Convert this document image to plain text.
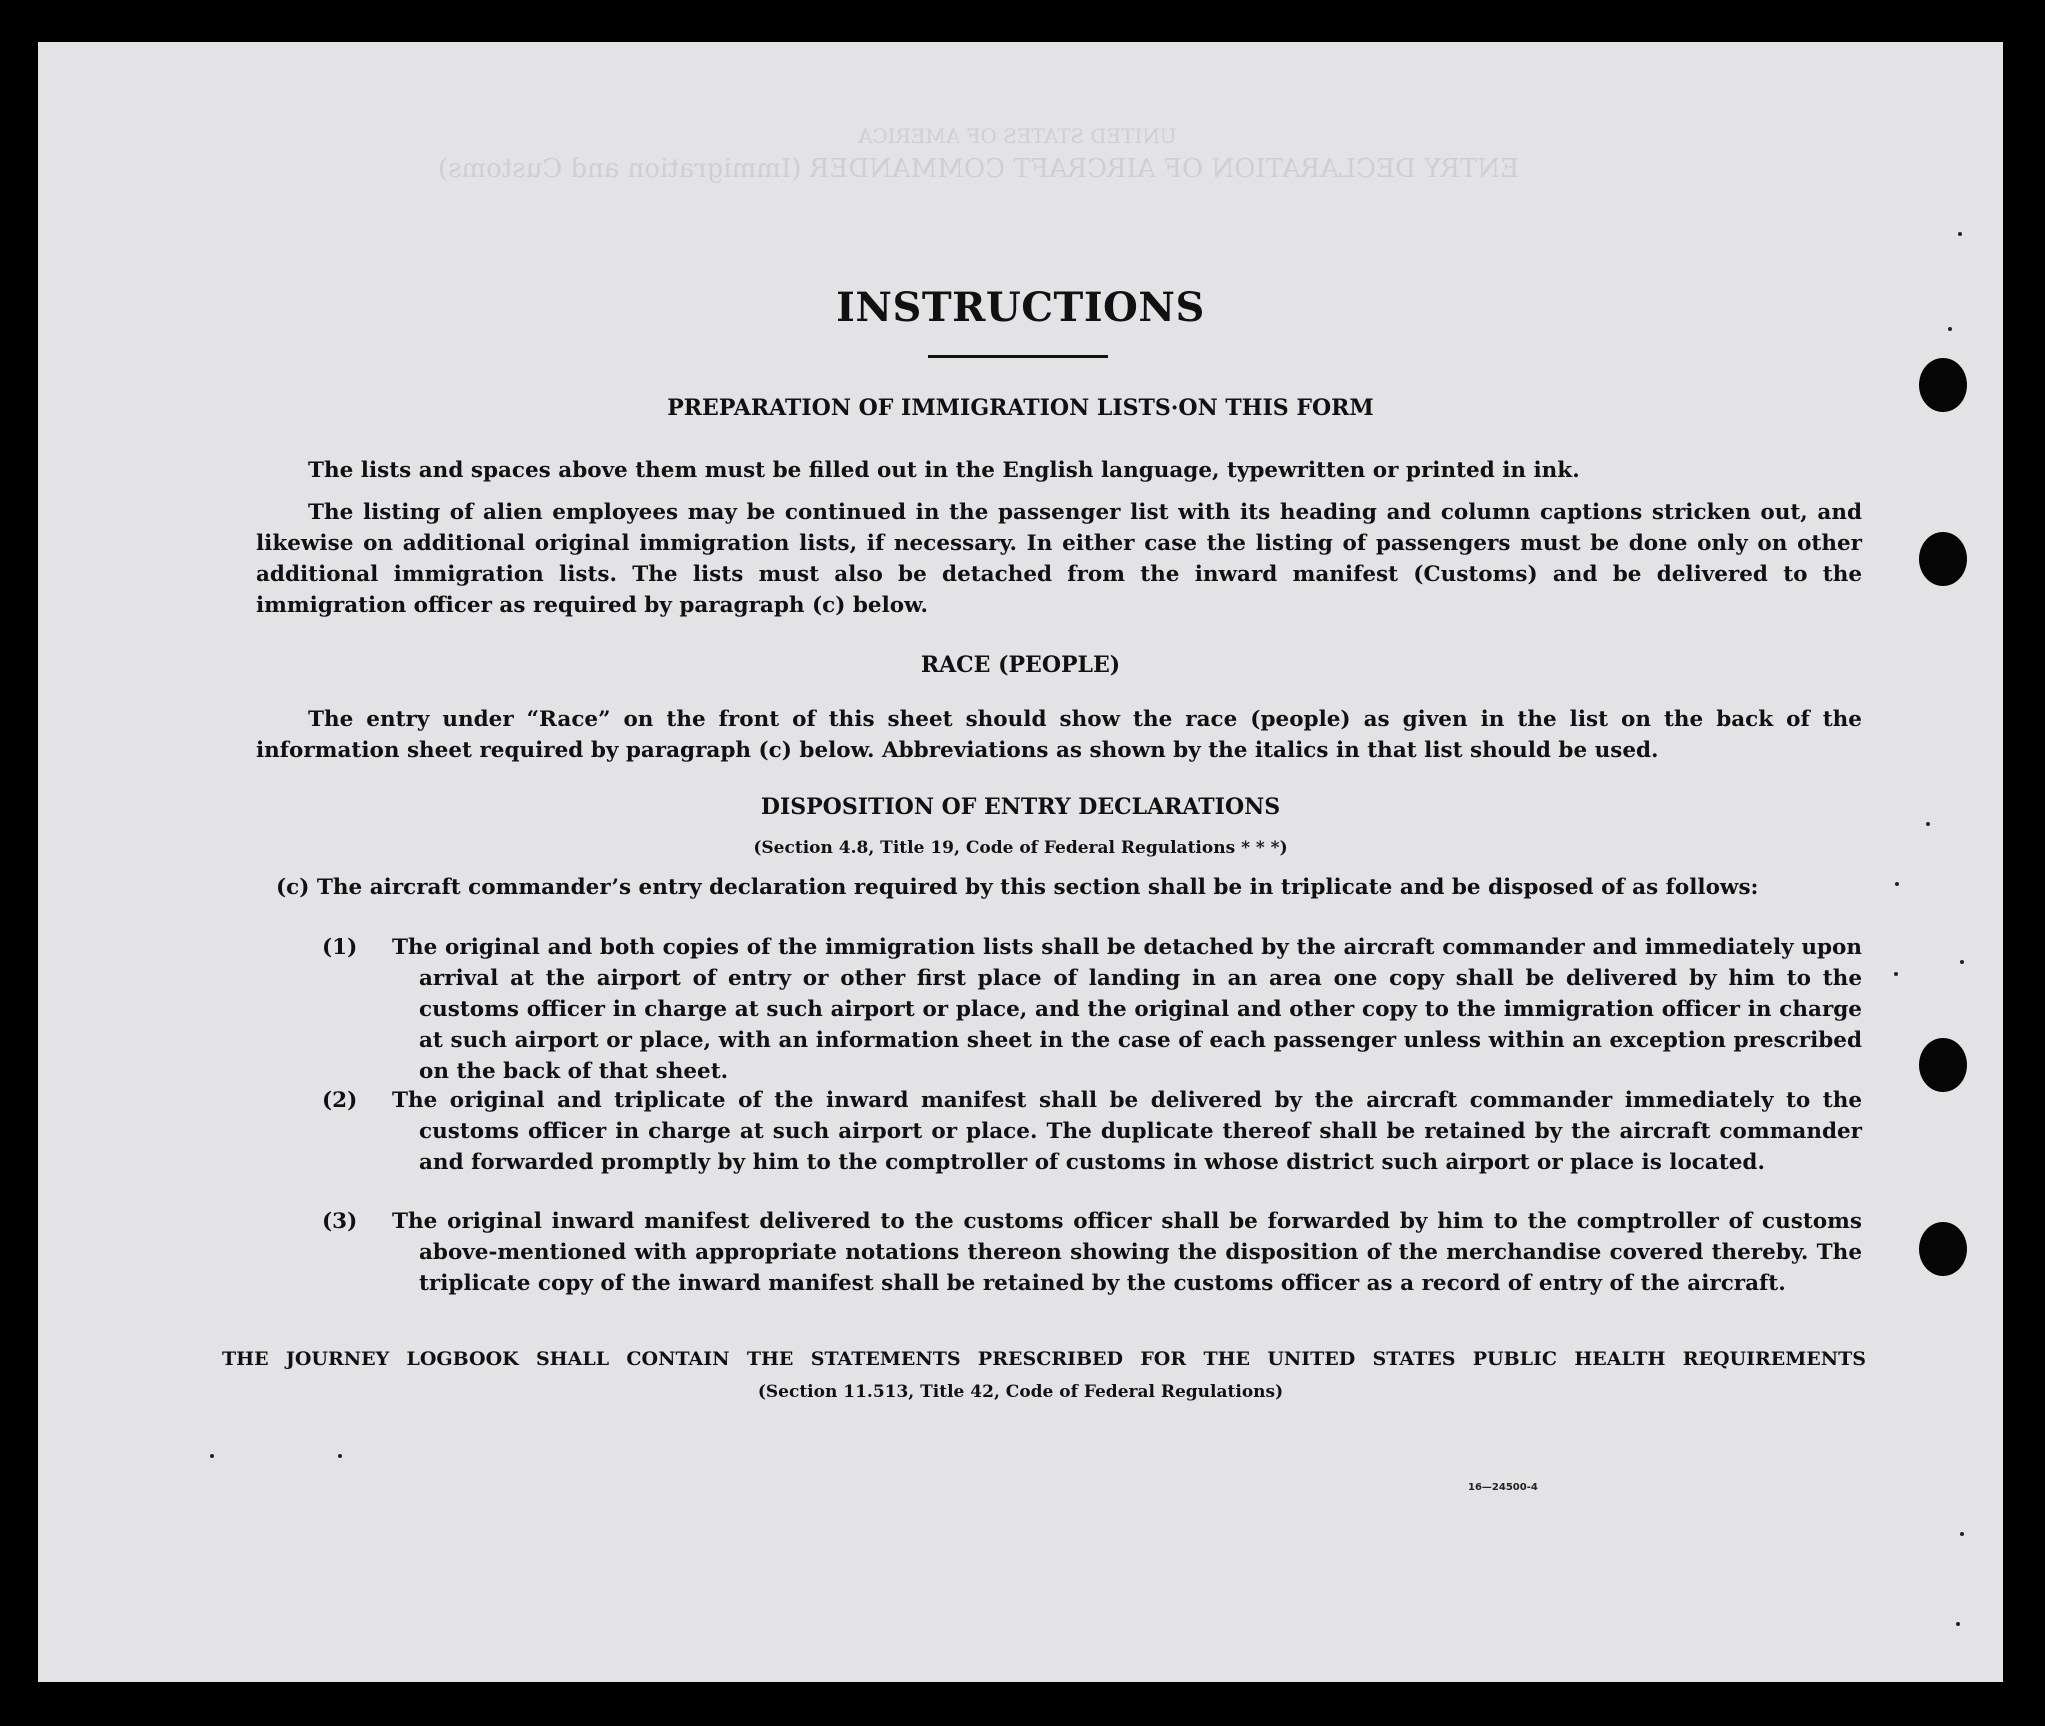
UNITED STATES OF AMERICA
ENTRY DECLARATION OF AIRCRAFT COMMANDER (Immigration and Customs)
INSTRUCTIONS
PREPARATION OF IMMIGRATION LISTS·ON THIS FORM
The lists and spaces above them must be filled out in the English language, typewritten or printed in ink.
The listing of alien employees may be continued in the passenger list with its heading and column captions stricken out, and likewise on additional original immigration lists, if necessary. In either case the listing of passengers must be done only on other additional immigration lists. The lists must also be detached from the inward manifest (Customs) and be delivered to the immigration officer as required by paragraph (c) below.
RACE (PEOPLE)
The entry under “Race” on the front of this sheet should show the race (people) as given in the list on the back of the information sheet required by paragraph (c) below. Abbreviations as shown by the italics in that list should be used.
DISPOSITION OF ENTRY DECLARATIONS
(Section 4.8, Title 19, Code of Federal Regulations * * *)
(c) The aircraft commander’s entry declaration required by this section shall be in triplicate and be disposed of as follows:
(1)	The original and both copies of the immigration lists shall be detached by the aircraft commander and immediately upon arrival at the airport of entry or other first place of landing in an area one copy shall be delivered by him to the customs officer in charge at such airport or place, and the original and other copy to the immigration officer in charge at such airport or place, with an information sheet in the case of each passenger unless within an exception prescribed on the back of that sheet.
(2)	The original and triplicate of the inward manifest shall be delivered by the aircraft commander immediately to the customs officer in charge at such airport or place. The duplicate thereof shall be retained by the aircraft commander and forwarded promptly by him to the comptroller of customs in whose district such airport or place is located.
(3)	The original inward manifest delivered to the customs officer shall be forwarded by him to the comptroller of customs above-mentioned with appropriate notations thereon showing the disposition of the merchandise covered thereby. The triplicate copy of the inward manifest shall be retained by the customs officer as a record of entry of the aircraft.
THE JOURNEY LOGBOOK SHALL CONTAIN THE STATEMENTS PRESCRIBED FOR THE UNITED STATES PUBLIC HEALTH REQUIREMENTS
(Section 11.513, Title 42, Code of Federal Regulations)
16—24500-4
